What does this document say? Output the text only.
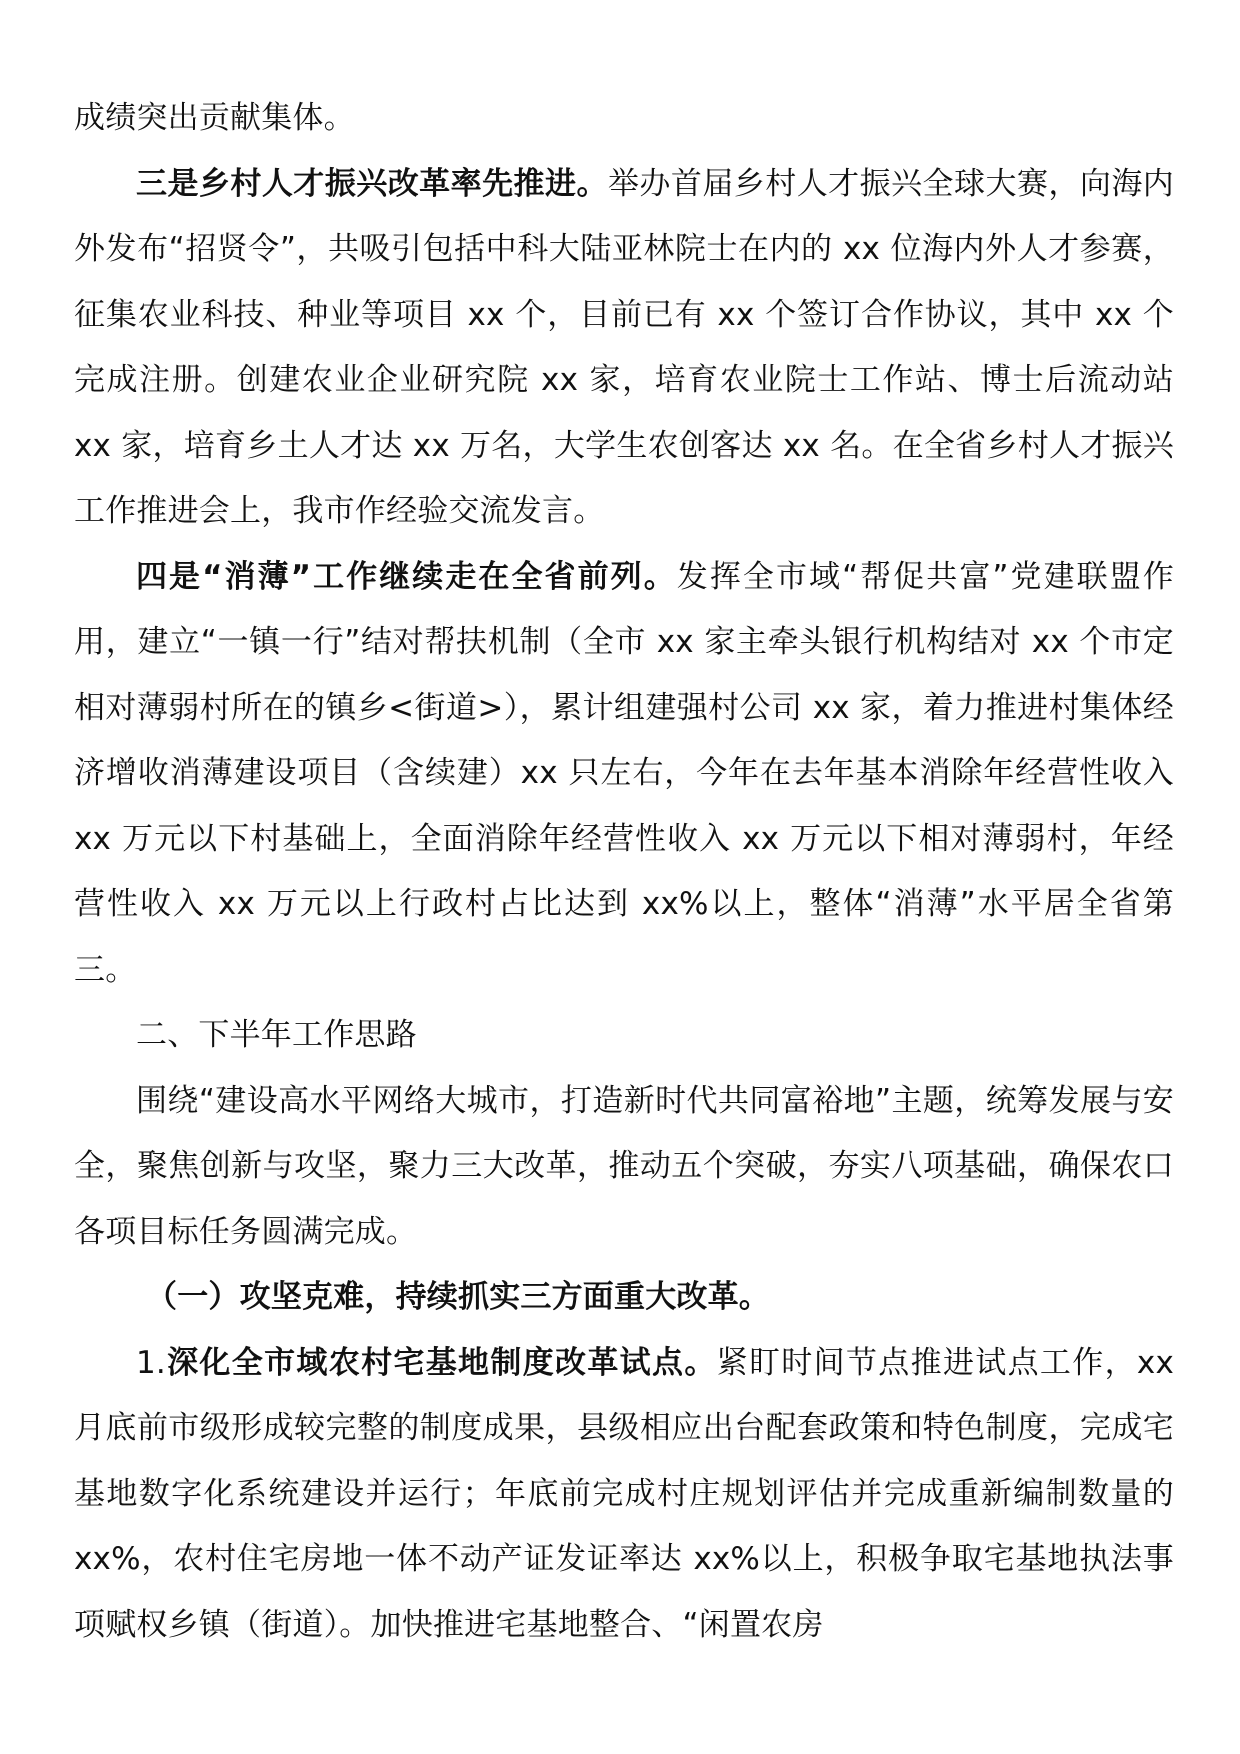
成绩突出贡献集体。

三是乡村人才振兴改革率先推进。举办首届乡村人才振兴全球大赛，向海内外发布“招贤令”，共吸引包括中科大陆亚林院士在内的 xx 位海内外人才参赛，征集农业科技、种业等项目 xx 个，目前已有 xx 个签订合作协议，其中 xx 个完成注册。创建农业企业研究院 xx 家，培育农业院士工作站、博士后流动站 xx 家，培育乡土人才达 xx 万名，大学生农创客达 xx 名。在全省乡村人才振兴工作推进会上，我市作经验交流发言。

四是“消薄”工作继续走在全省前列。发挥全市域“帮促共富”党建联盟作用，建立“一镇一行”结对帮扶机制（全市 xx 家主牵头银行机构结对 xx 个市定相对薄弱村所在的镇乡<街道>），累计组建强村公司 xx 家，着力推进村集体经济增收消薄建设项目（含续建）xx 只左右，今年在去年基本消除年经营性收入 xx 万元以下村基础上，全面消除年经营性收入 xx 万元以下相对薄弱村，年经营性收入 xx 万元以上行政村占比达到 xx%以上，整体“消薄”水平居全省第三。

二、下半年工作思路

围绕“建设高水平网络大城市，打造新时代共同富裕地”主题，统筹发展与安全，聚焦创新与攻坚，聚力三大改革，推动五个突破，夯实八项基础，确保农口各项目标任务圆满完成。

（一）攻坚克难，持续抓实三方面重大改革。

1.深化全市域农村宅基地制度改革试点。紧盯时间节点推进试点工作，xx 月底前市级形成较完整的制度成果，县级相应出台配套政策和特色制度，完成宅基地数字化系统建设并运行；年底前完成村庄规划评估并完成重新编制数量的 xx%，农村住宅房地一体不动产证发证率达 xx%以上，积极争取宅基地执法事项赋权乡镇（街道）。加快推进宅基地整合、“闲置农房
